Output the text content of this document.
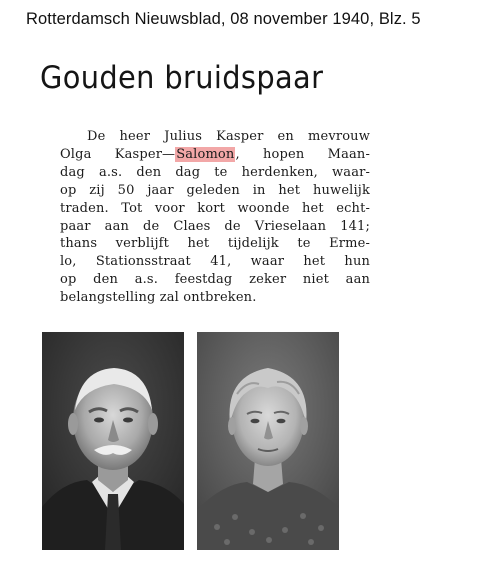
Rotterdamsch Nieuwsblad, 08 november 1940, Blz. 5
Gouden bruidspaar
De heer Julius Kasper en mevrouw
Olga Kasper—Salomon, hopen Maan-
dag a.s. den dag te herdenken, waar-
op zij 50 jaar geleden in het huwelijk
traden. Tot voor kort woonde het echt-
paar aan de Claes de Vrieselaan 141;
thans verblijft het tijdelijk te Erme-
lo, Stationsstraat 41, waar het hun
op den a.s. feestdag zeker niet aan
belangstelling zal ontbreken.
